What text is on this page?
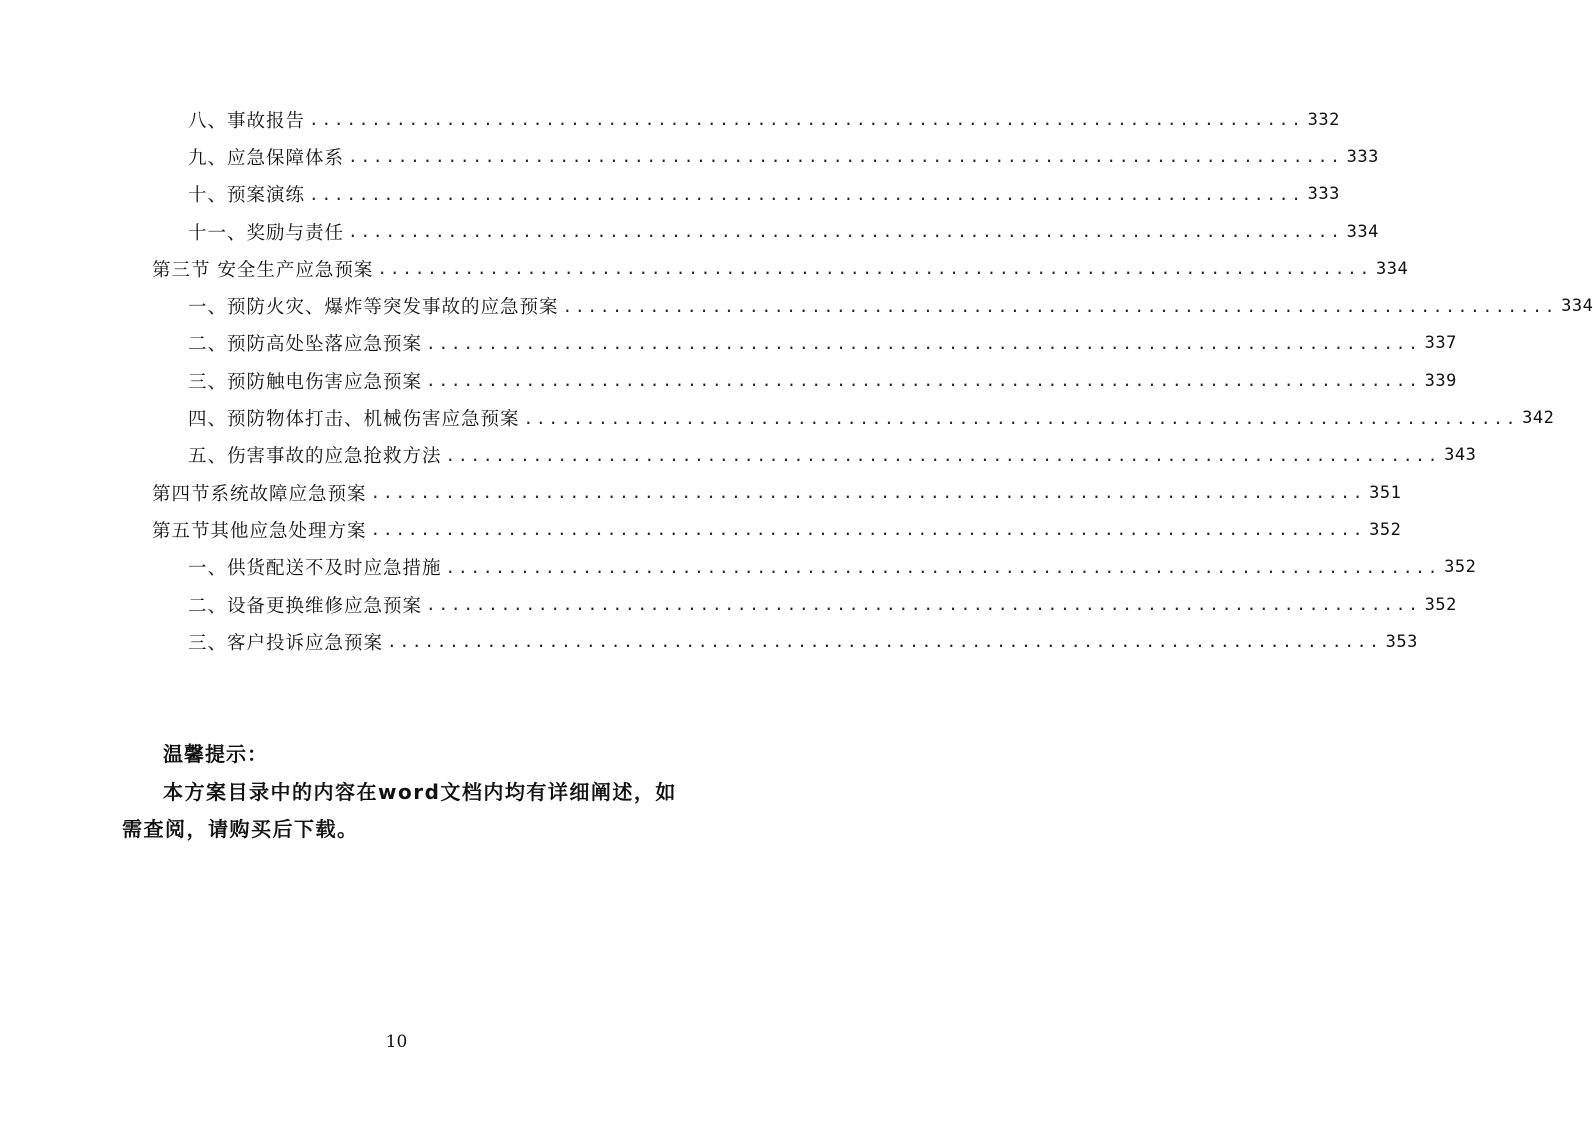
八、事故报告 ................................................................................ 332
九、应急保障体系 ................................................................................ 333
十、预案演练 ................................................................................ 333
十一、奖励与责任 ................................................................................ 334
第三节 安全生产应急预案 ................................................................................ 334
一、预防火灾、爆炸等突发事故的应急预案 ................................................................................ 334
二、预防高处坠落应急预案 ................................................................................ 337
三、预防触电伤害应急预案 ................................................................................ 339
四、预防物体打击、机械伤害应急预案 ................................................................................ 342
五、伤害事故的应急抢救方法 ................................................................................ 343
第四节系统故障应急预案 ................................................................................ 351
第五节其他应急处理方案 ................................................................................ 352
一、供货配送不及时应急措施 ................................................................................ 352
二、设备更换维修应急预案 ................................................................................ 352
三、客户投诉应急预案 ................................................................................ 353
温馨提示：
本方案目录中的内容在word文档内均有详细阐述，如需查阅，请购买后下载。
10
